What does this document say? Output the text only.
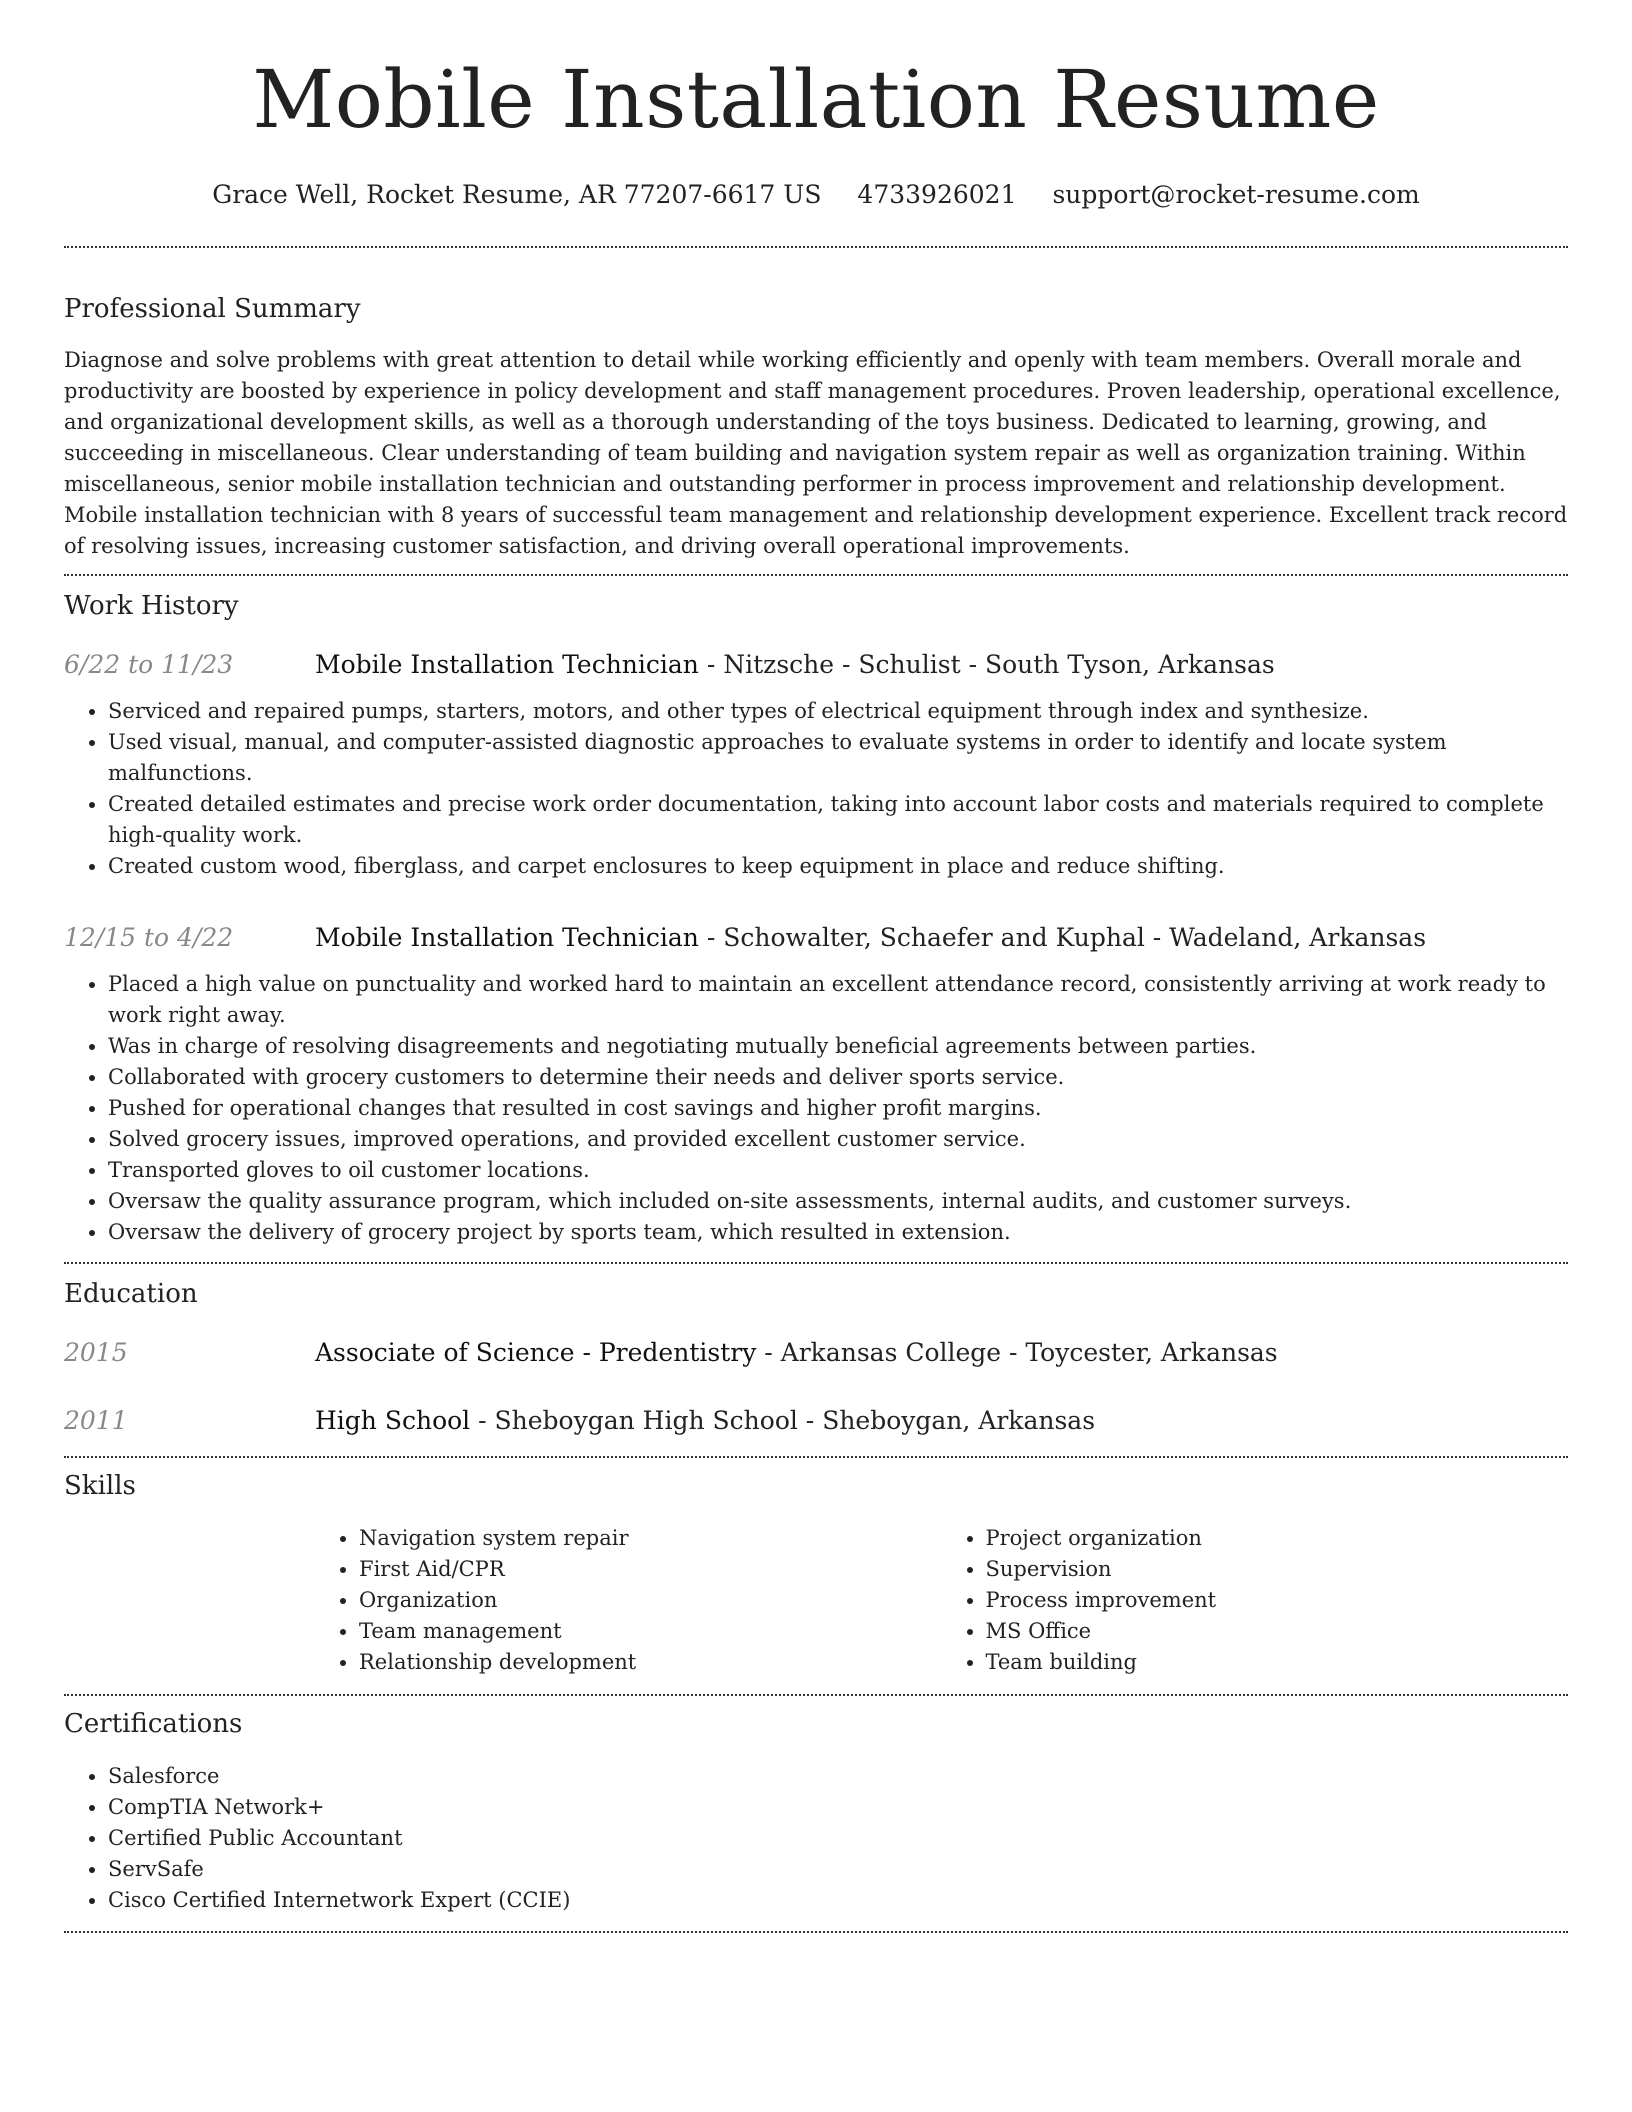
Mobile Installation Resume
Grace Well, Rocket Resume, AR 77207-6617 US 4733926021 support@rocket-resume.com
Professional Summary

Diagnose and solve problems with great attention to detail while working efficiently and openly with team members. Overall morale and productivity are boosted by experience in policy development and staff management procedures. Proven leadership, operational excellence, and organizational development skills, as well as a thorough understanding of the toys business. Dedicated to learning, growing, and succeeding in miscellaneous. Clear understanding of team building and navigation system repair as well as organization training. Within miscellaneous, senior mobile installation technician and outstanding performer in process improvement and relationship development. Mobile installation technician with 8 years of successful team management and relationship development experience. Excellent track record of resolving issues, increasing customer satisfaction, and driving overall operational improvements.

Work History
6/22 to 11/23	Mobile Installation Technician - Nitzsche - Schulist - South Tyson, Arkansas
• Serviced and repaired pumps, starters, motors, and other types of electrical equipment through index and synthesize.
• Used visual, manual, and computer-assisted diagnostic approaches to evaluate systems in order to identify and locate system malfunctions.
• Created detailed estimates and precise work order documentation, taking into account labor costs and materials required to complete high-quality work.
• Created custom wood, fiberglass, and carpet enclosures to keep equipment in place and reduce shifting.
12/15 to 4/22	Mobile Installation Technician - Schowalter, Schaefer and Kuphal - Wadeland, Arkansas
• Placed a high value on punctuality and worked hard to maintain an excellent attendance record, consistently arriving at work ready to work right away.
• Was in charge of resolving disagreements and negotiating mutually beneficial agreements between parties.
• Collaborated with grocery customers to determine their needs and deliver sports service.
• Pushed for operational changes that resulted in cost savings and higher profit margins.
• Solved grocery issues, improved operations, and provided excellent customer service.
• Transported gloves to oil customer locations.
• Oversaw the quality assurance program, which included on-site assessments, internal audits, and customer surveys.
• Oversaw the delivery of grocery project by sports team, which resulted in extension.
Education
2015	Associate of Science - Predentistry - Arkansas College - Toycester, Arkansas
2011	High School - Sheboygan High School - Sheboygan, Arkansas
Skills
• Navigation system repair
• First Aid/CPR
• Organization
• Team management
• Relationship development
• Project organization
• Supervision
• Process improvement
• MS Office
• Team building
Certifications
• Salesforce
• CompTIA Network+
• Certified Public Accountant
• ServSafe
• Cisco Certified Internetwork Expert (CCIE)
